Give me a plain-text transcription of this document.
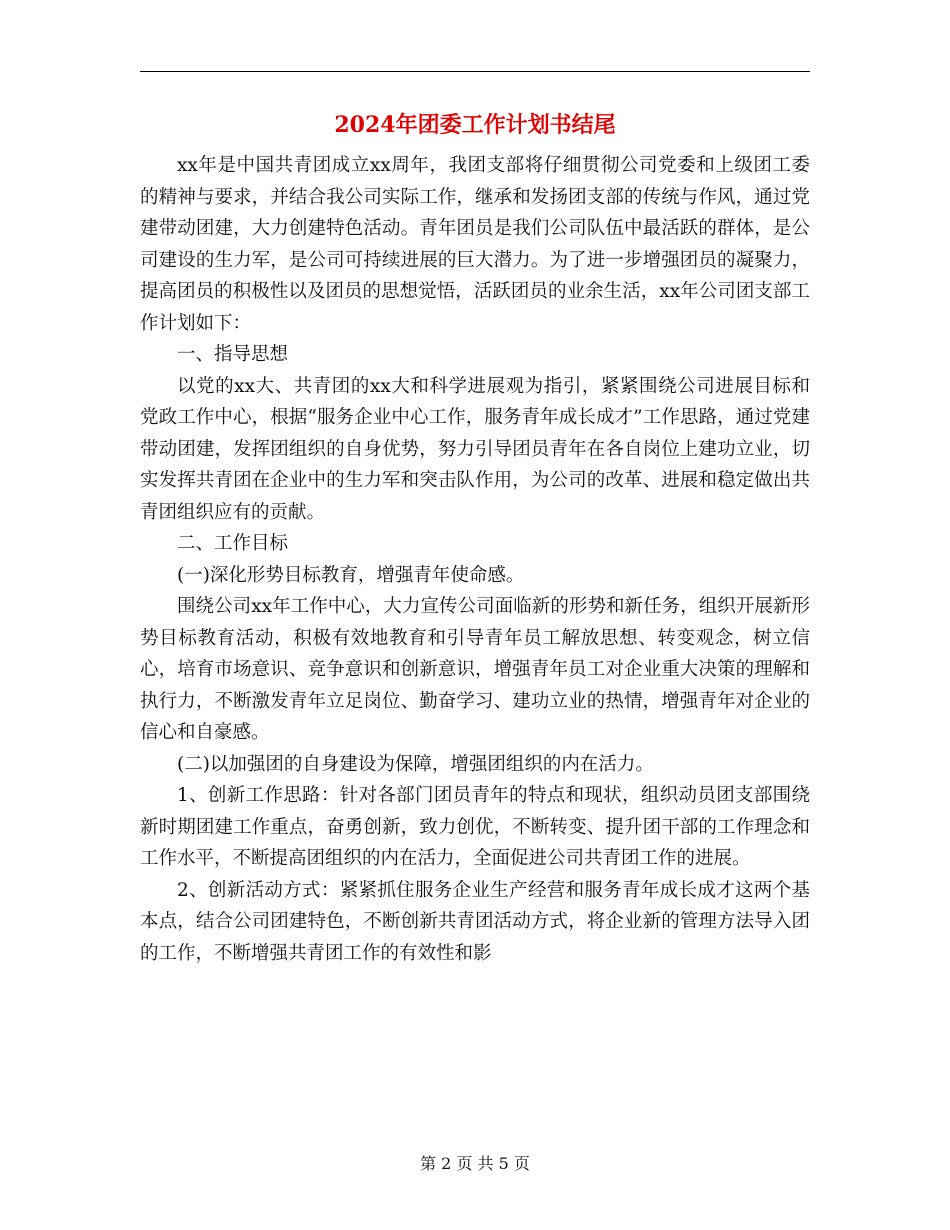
2024年团委工作计划书结尾

xx年是中国共青团成立xx周年，我团支部将仔细贯彻公司党委和上级团工委的精神与要求，并结合我公司实际工作，继承和发扬团支部的传统与作风，通过党建带动团建，大力创建特色活动。青年团员是我们公司队伍中最活跃的群体，是公司建设的生力军，是公司可持续进展的巨大潜力。为了进一步增强团员的凝聚力，提高团员的积极性以及团员的思想觉悟，活跃团员的业余生活，xx年公司团支部工作计划如下：

一、指导思想

以党的xx大、共青团的xx大和科学进展观为指引，紧紧围绕公司进展目标和党政工作中心，根据“服务企业中心工作，服务青年成长成才”工作思路，通过党建带动团建，发挥团组织的自身优势，努力引导团员青年在各自岗位上建功立业，切实发挥共青团在企业中的生力军和突击队作用，为公司的改革、进展和稳定做出共青团组织应有的贡献。

二、工作目标

(一)深化形势目标教育，增强青年使命感。

围绕公司xx年工作中心，大力宣传公司面临新的形势和新任务，组织开展新形势目标教育活动，积极有效地教育和引导青年员工解放思想、转变观念，树立信心，培育市场意识、竞争意识和创新意识，增强青年员工对企业重大决策的理解和执行力，不断激发青年立足岗位、勤奋学习、建功立业的热情，增强青年对企业的信心和自豪感。

(二)以加强团的自身建设为保障，增强团组织的内在活力。

1、创新工作思路：针对各部门团员青年的特点和现状，组织动员团支部围绕新时期团建工作重点，奋勇创新，致力创优，不断转变、提升团干部的工作理念和工作水平，不断提高团组织的内在活力，全面促进公司共青团工作的进展。

2、创新活动方式：紧紧抓住服务企业生产经营和服务青年成长成才这两个基本点，结合公司团建特色，不断创新共青团活动方式，将企业新的管理方法导入团的工作，不断增强共青团工作的有效性和影

第 2 页 共 5 页
